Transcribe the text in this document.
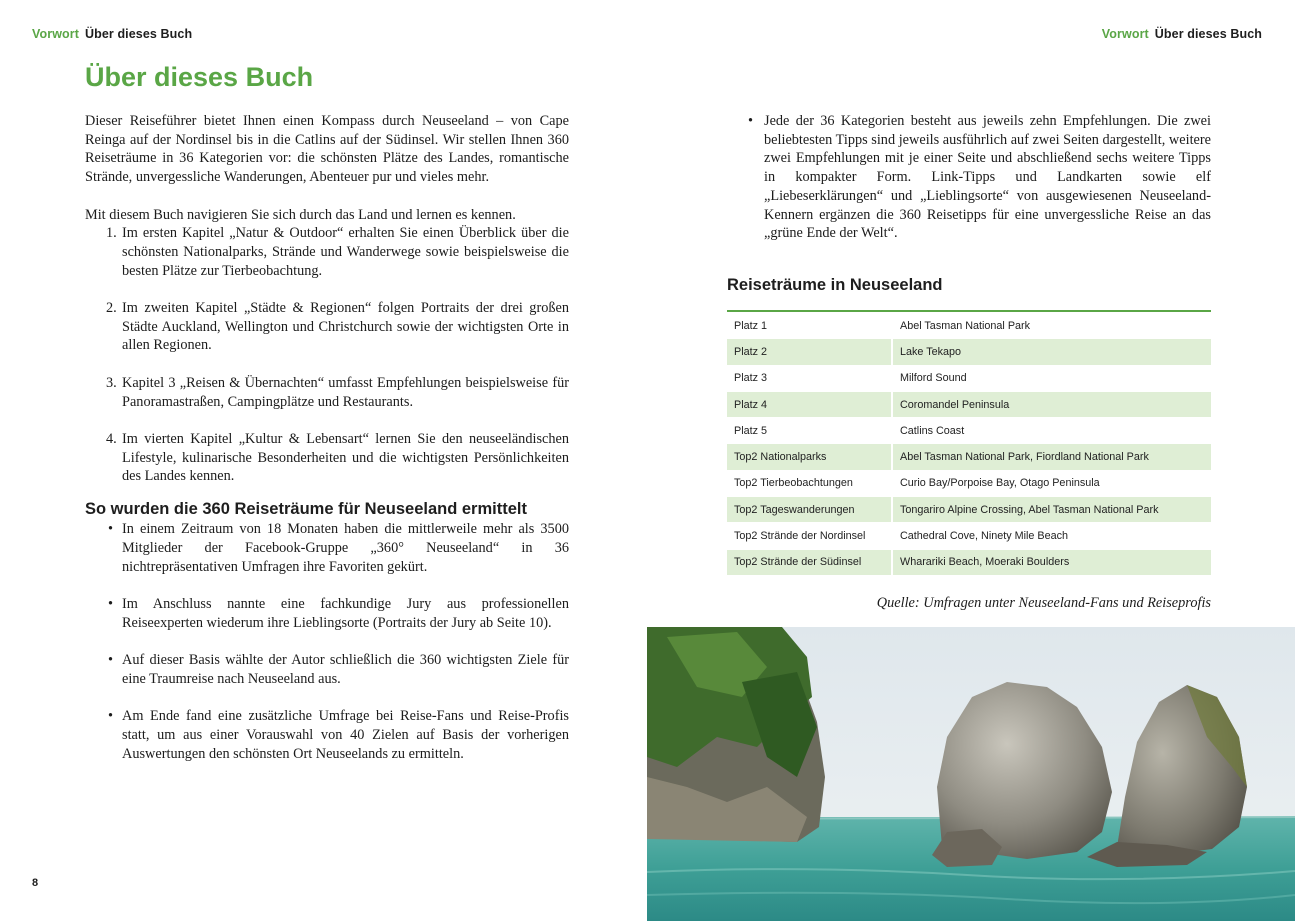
Vorwort Über dieses Buch	Vorwort Über dieses Buch
Über dieses Buch

Dieser Reiseführer bietet Ihnen einen Kompass durch Neuseeland – von Cape Reinga auf der Nordinsel bis in die Catlins auf der Südinsel. Wir stellen Ihnen 360 Reiseträume in 36 Kategorien vor: die schönsten Plätze des Landes, romantische Strände, unvergessliche Wanderungen, Abenteuer pur und vieles mehr.

Mit diesem Buch navigieren Sie sich durch das Land und lernen es kennen.

1. Im ersten Kapitel „Natur & Outdoor“ erhalten Sie einen Überblick über die schönsten Nationalparks, Strände und Wanderwege sowie beispielsweise die besten Plätze zur Tierbeobachtung.
2. Im zweiten Kapitel „Städte & Regionen“ folgen Portraits der drei großen Städte Auckland, Wellington und Christchurch sowie der wichtigsten Orte in allen Regionen.
3. Kapitel 3 „Reisen & Übernachten“ umfasst Empfehlungen beispielsweise für Panoramastraßen, Campingplätze und Restaurants.
4. Im vierten Kapitel „Kultur & Lebensart“ lernen Sie den neuseeländischen Lifestyle, kulinarische Besonderheiten und die wichtigsten Persönlichkeiten des Landes kennen.
So wurden die 360 Reiseträume für Neuseeland ermittelt
• In einem Zeitraum von 18 Monaten haben die mittlerweile mehr als 3500 Mitglieder der Facebook-Gruppe „360° Neuseeland“ in 36 nichtrepräsentativen Umfragen ihre Favoriten gekürt.
• Im Anschluss nannte eine fachkundige Jury aus professionellen Reiseexperten wiederum ihre Lieblingsorte (Portraits der Jury ab Seite 10).
• Auf dieser Basis wählte der Autor schließlich die 360 wichtigsten Ziele für eine Traumreise nach Neuseeland aus.
• Am Ende fand eine zusätzliche Umfrage bei Reise-Fans und Reise-Profis statt, um aus einer Vorauswahl von 40 Zielen auf Basis der vorherigen Auswertungen den schönsten Ort Neuseelands zu ermitteln.
• Jede der 36 Kategorien besteht aus jeweils zehn Empfehlungen. Die zwei beliebtesten Tipps sind jeweils ausführlich auf zwei Seiten dargestellt, weitere zwei Empfehlungen mit je einer Seite und abschließend sechs weitere Tipps in kompakter Form. Link-Tipps und Landkarten sowie elf „Liebeserklärungen“ und „Lieblingsorte“ von ausgewiesenen Neuseeland-Kennern ergänzen die 360 Reisetipps für eine unvergessliche Reise an das „grüne Ende der Welt“.
Reiseträume in Neuseeland
Platz 1	Abel Tasman National Park
Platz 2	Lake Tekapo
Platz 3	Milford Sound
Platz 4	Coromandel Peninsula
Platz 5	Catlins Coast
Top2 Nationalparks	Abel Tasman National Park, Fiordland National Park
Top2 Tierbeobachtungen	Curio Bay/Porpoise Bay, Otago Peninsula
Top2 Tageswanderungen	Tongariro Alpine Crossing, Abel Tasman National Park
Top2 Strände der Nordinsel	Cathedral Cove, Ninety Mile Beach
Top2 Strände der Südinsel	Wharariki Beach, Moeraki Boulders
Quelle: Umfragen unter Neuseeland-Fans und Reiseprofis
8
